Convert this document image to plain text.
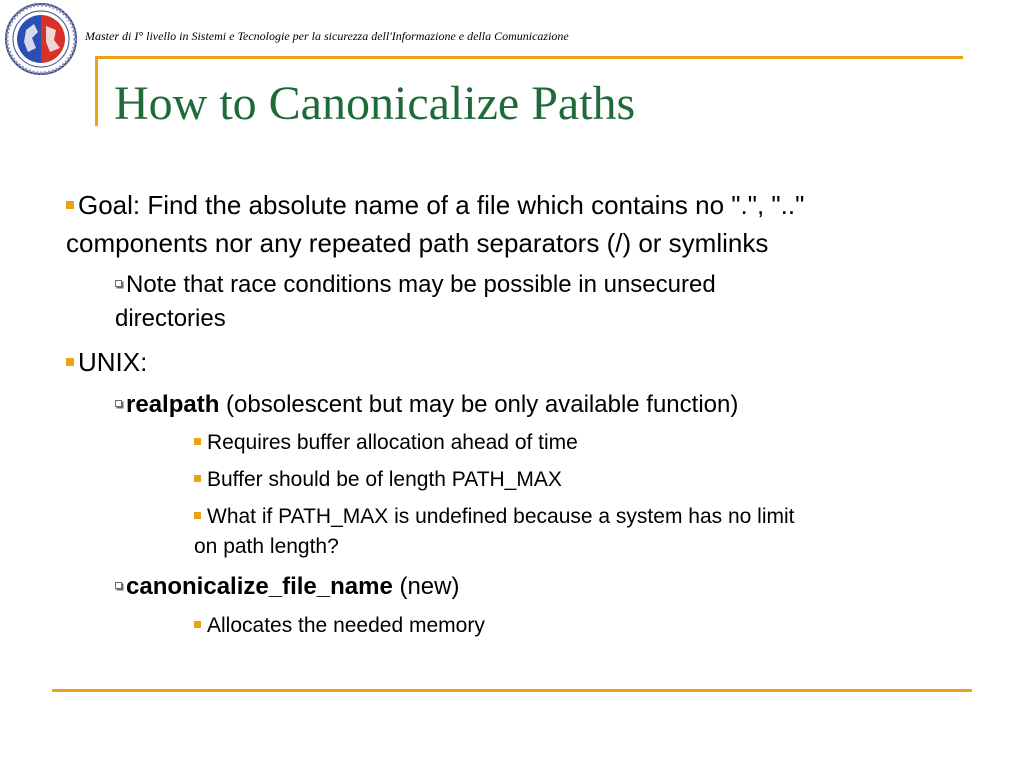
Master di I° livello in Sistemi e Tecnologie per la sicurezza dell'Informazione e della Comunicazione
How to Canonicalize Paths
Goal: Find the absolute name of a file which contains no ".", ".."
components nor any repeated path separators (/) or symlinks
Note that race conditions may be possible in unsecured
directories
UNIX:
realpath (obsolescent but may be only available function)
Requires buffer allocation ahead of time
Buffer should be of length PATH_MAX
What if PATH_MAX is undefined because a system has no limit
on path length?
canonicalize_file_name (new)
Allocates the needed memory
